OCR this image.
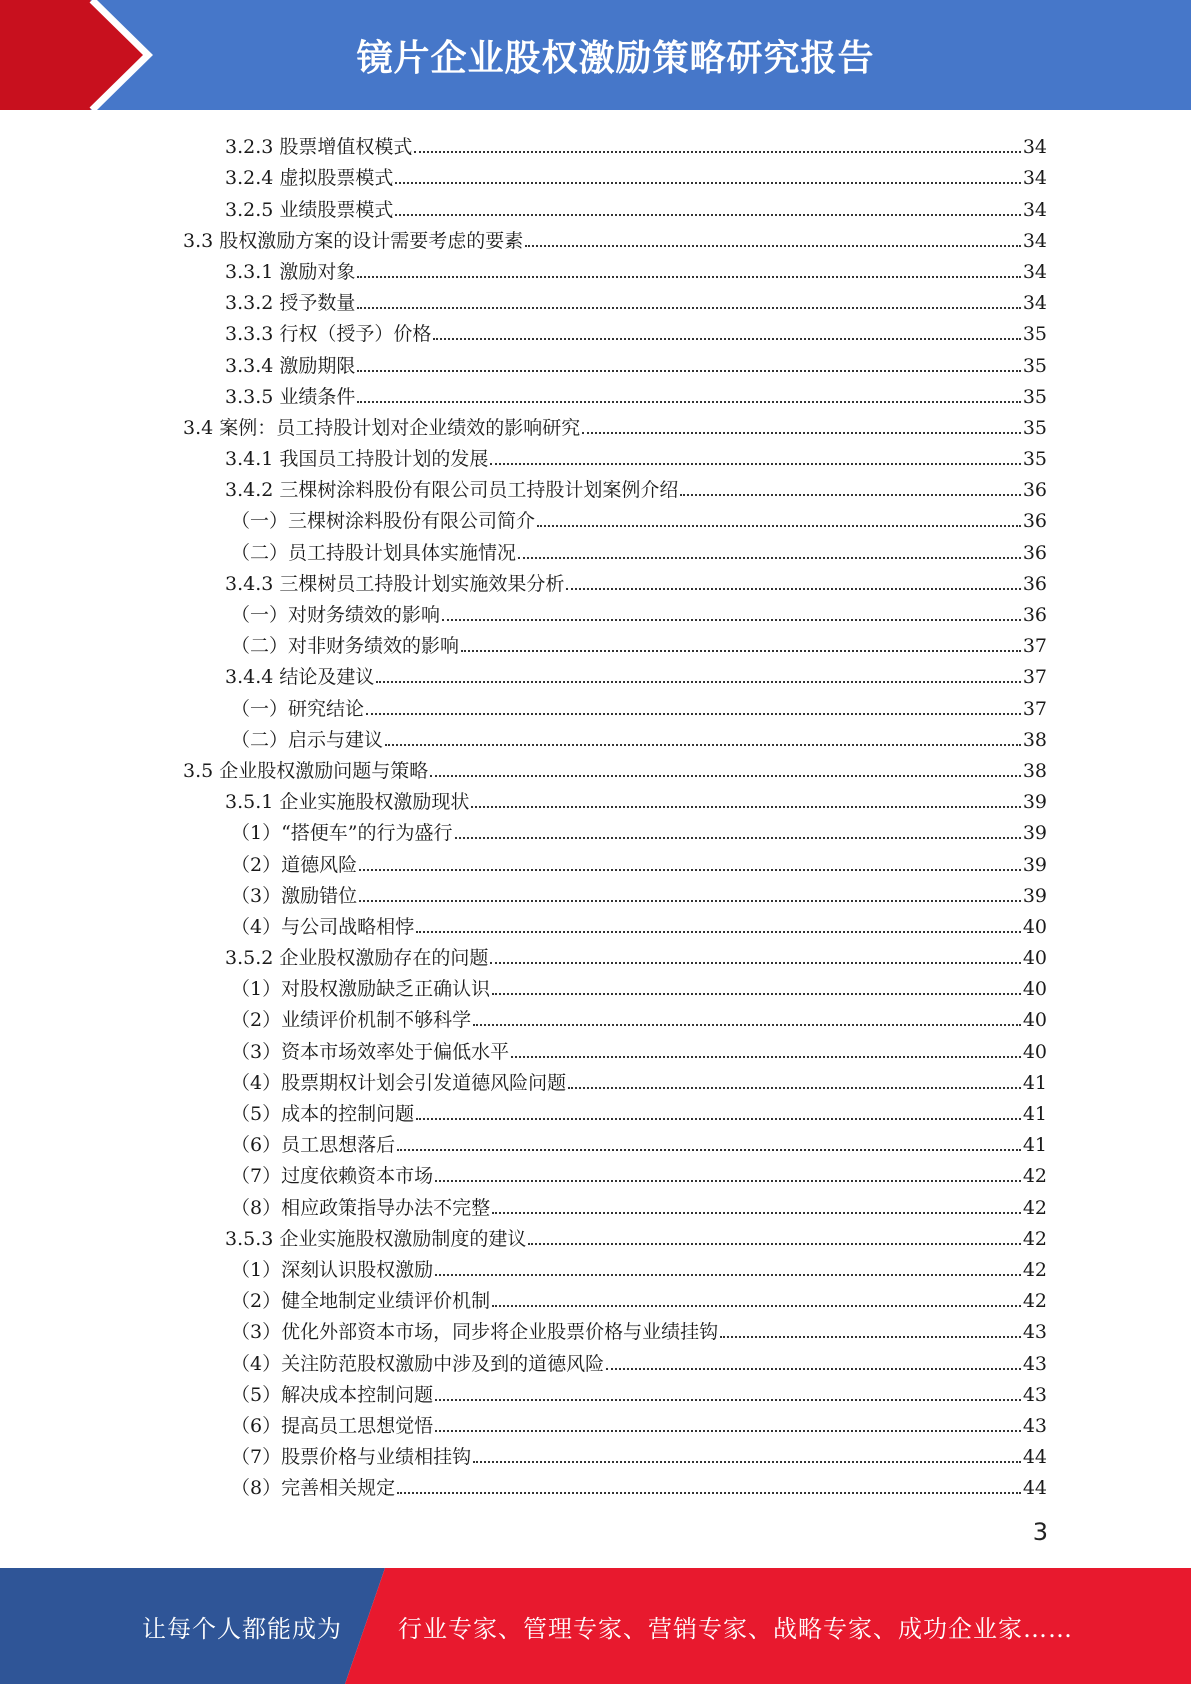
镜片企业股权激励策略研究报告
3.2.3 股票增值权模式	34
3.2.4 虚拟股票模式	34
3.2.5 业绩股票模式	34
3.3 股权激励方案的设计需要考虑的要素	34
3.3.1 激励对象	34
3.3.2 授予数量	34
3.3.3 行权（授予）价格	35
3.3.4 激励期限	35
3.3.5 业绩条件	35
3.4 案例：员工持股计划对企业绩效的影响研究	35
3.4.1 我国员工持股计划的发展	35
3.4.2 三棵树涂料股份有限公司员工持股计划案例介绍	36
（一）三棵树涂料股份有限公司简介	36
（二）员工持股计划具体实施情况	36
3.4.3 三棵树员工持股计划实施效果分析	36
（一）对财务绩效的影响	36
（二）对非财务绩效的影响	37
3.4.4 结论及建议	37
（一）研究结论	37
（二）启示与建议	38
3.5 企业股权激励问题与策略	38
3.5.1 企业实施股权激励现状	39
（1）“搭便车”的行为盛行	39
（2）道德风险	39
（3）激励错位	39
（4）与公司战略相悖	40
3.5.2 企业股权激励存在的问题	40
（1）对股权激励缺乏正确认识	40
（2）业绩评价机制不够科学	40
（3）资本市场效率处于偏低水平	40
（4）股票期权计划会引发道德风险问题	41
（5）成本的控制问题	41
（6）员工思想落后	41
（7）过度依赖资本市场	42
（8）相应政策指导办法不完整	42
3.5.3 企业实施股权激励制度的建议	42
（1）深刻认识股权激励	42
（2）健全地制定业绩评价机制	42
（3）优化外部资本市场，同步将企业股票价格与业绩挂钩	43
（4）关注防范股权激励中涉及到的道德风险	43
（5）解决成本控制问题	43
（6）提高员工思想觉悟	43
（7）股票价格与业绩相挂钩	44
（8）完善相关规定	44
3
让每个人都能成为 行业专家、管理专家、营销专家、战略专家、成功企业家……
